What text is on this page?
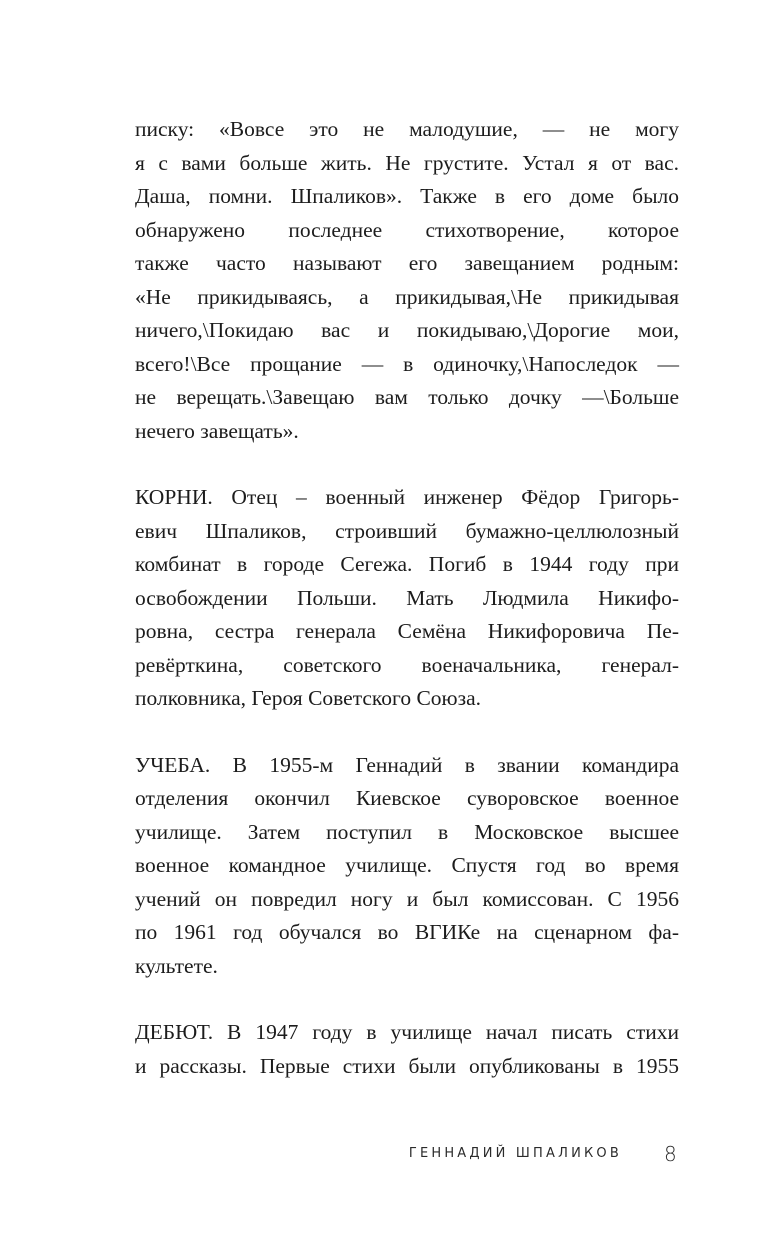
писку: «Вовсе это не малодушие, — не могу
я с вами больше жить. Не грустите. Устал я от вас.
Даша, помни. Шпаликов». Также в его доме было
обнаружено последнее стихотворение, которое
также часто называют его завещанием родным:
«Не прикидываясь, а прикидывая,\Не прикидывая
ничего,\Покидаю вас и покидываю,\Дорогие мои,
всего!\Все прощание — в одиночку,\Напоследок —
не верещать.\Завещаю вам только дочку —\Больше
нечего завещать».
КОРНИ. Отец – военный инженер Фёдор Григорь-
евич Шпаликов, строивший бумажно-целлюлозный
комбинат в городе Сегежа. Погиб в 1944 году при
освобождении Польши. Мать Людмила Никифо-
ровна, сестра генерала Семёна Никифоровича Пе-
ревёрткина, советского военачальника, генерал-
полковника, Героя Советского Союза.
УЧЕБА. В 1955-м Геннадий в звании командира
отделения окончил Киевское суворовское военное
училище. Затем поступил в Московское высшее
военное командное училище. Спустя год во время
учений он повредил ногу и был комиссован. С 1956
по 1961 год обучался во ВГИКе на сценарном фа-
культете.
ДЕБЮТ. В 1947 году в училище начал писать стихи
и рассказы. Первые стихи были опубликованы в 1955
ГЕННАДИЙ ШПАЛИКОВ 8
